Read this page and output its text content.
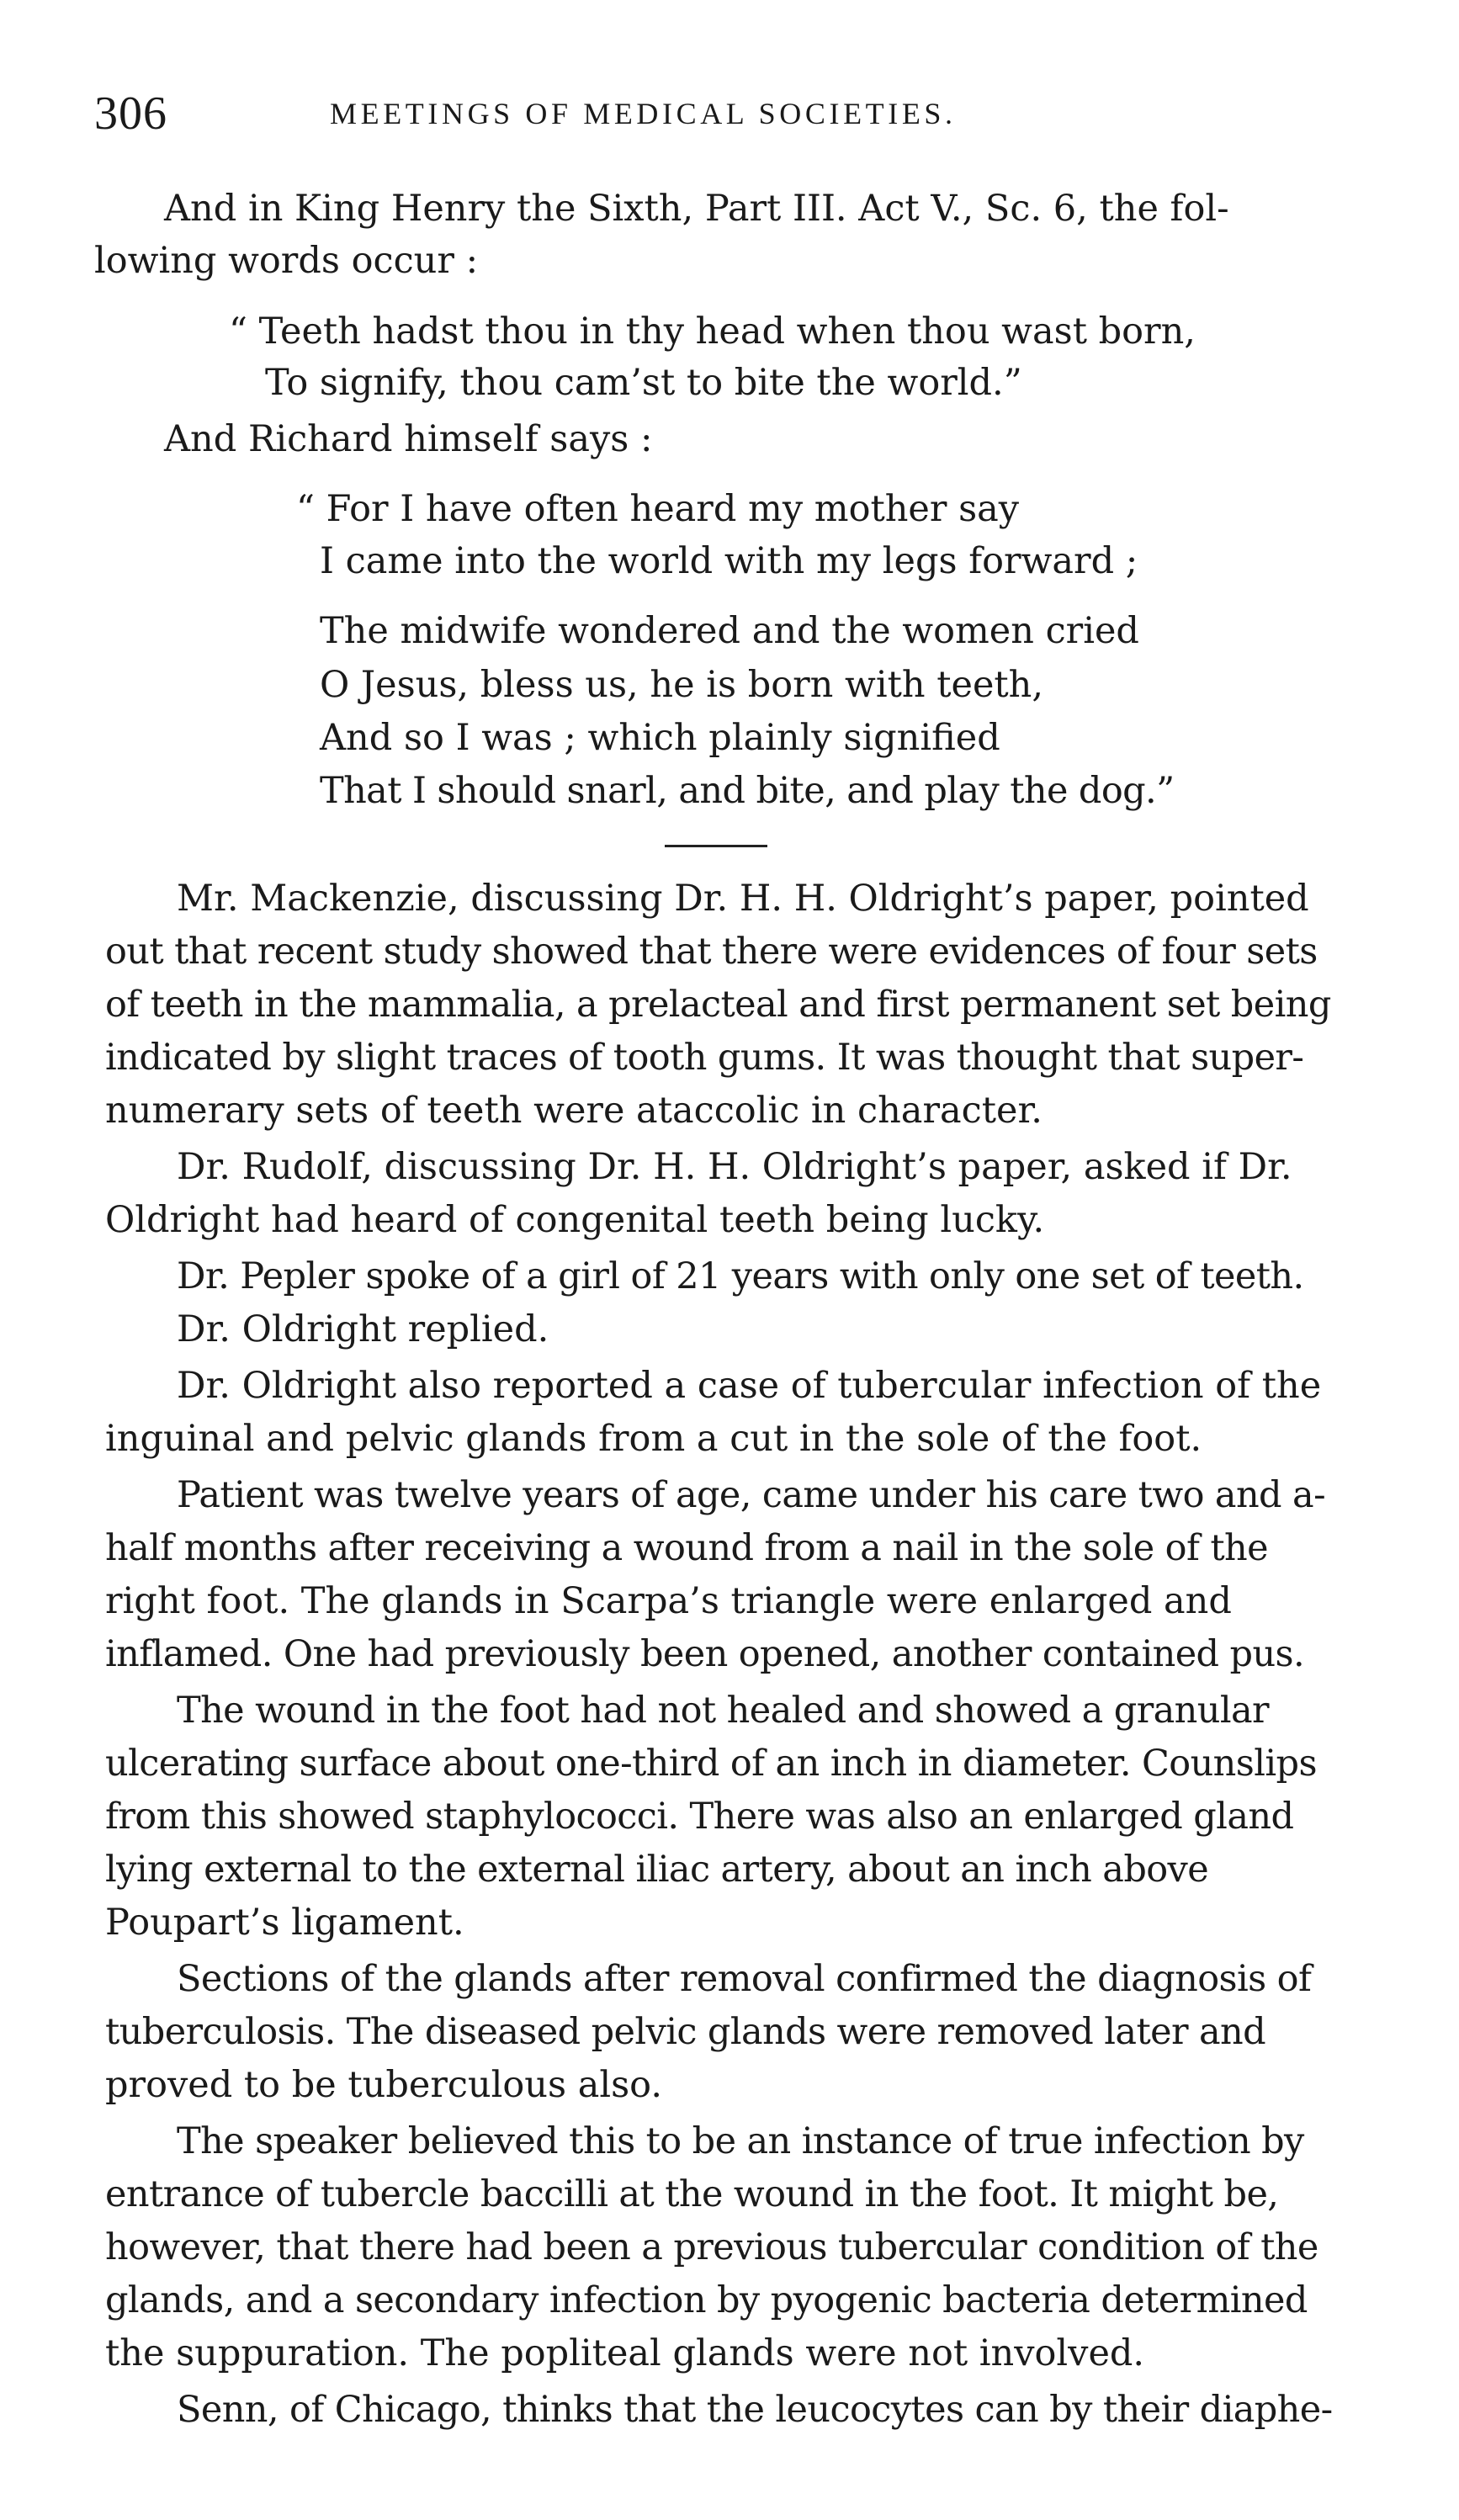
306	MEETINGS OF MEDICAL SOCIETIES.

And in King Henry the Sixth, Part III. Act V., Sc. 6, the fol-

lowing words occur :

“ Teeth hadst thou in thy head when thou wast born,

To signify, thou cam’st to bite the world.”

And Richard himself says :

“ For I have often heard my mother say

I came into the world with my legs forward ;

The midwife wondered and the women cried

O Jesus, bless us, he is born with teeth,

And so I was ; which plainly signified

That I should snarl, and bite, and play the dog.”

Mr. Mackenzie, discussing Dr. H. H. Oldright’s paper, pointed

out that recent study showed that there were evidences of four sets

of teeth in the mammalia, a prelacteal and first permanent set being

indicated by slight traces of tooth gums. It was thought that super-

numerary sets of teeth were ataccolic in character.

Dr. Rudolf, discussing Dr. H. H. Oldright’s paper, asked if Dr.

Oldright had heard of congenital teeth being lucky.

Dr. Pepler spoke of a girl of 21 years with only one set of teeth.

Dr. Oldright replied.

Dr. Oldright also reported a case of tubercular infection of the

inguinal and pelvic glands from a cut in the sole of the foot.

Patient was twelve years of age, came under his care two and a-

half months after receiving a wound from a nail in the sole of the

right foot. The glands in Scarpa’s triangle were enlarged and

inflamed. One had previously been opened, another contained pus.

The wound in the foot had not healed and showed a granular

ulcerating surface about one-third of an inch in diameter. Counslips

from this showed staphylococci. There was also an enlarged gland

lying external to the external iliac artery, about an inch above

Poupart’s ligament.

Sections of the glands after removal confirmed the diagnosis of

tuberculosis. The diseased pelvic glands were removed later and

proved to be tuberculous also.

The speaker believed this to be an instance of true infection by

entrance of tubercle baccilli at the wound in the foot. It might be,

however, that there had been a previous tubercular condition of the

glands, and a secondary infection by pyogenic bacteria determined

the suppuration. The popliteal glands were not involved.

Senn, of Chicago, thinks that the leucocytes can by their diaphe-
